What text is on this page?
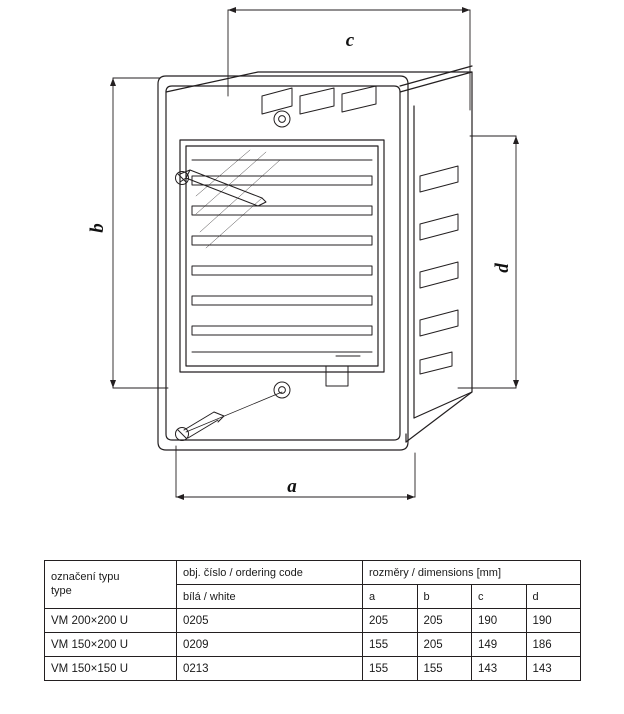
c
b
d
a
označení typu
type	obj. číslo / ordering code	rozměry / dimensions [mm]			
	bílá / white	a	b	c	d
VM 200×200 U	0205	205	205	190	190
VM 150×200 U	0209	155	205	149	186
VM 150×150 U	0213	155	155	143	143
